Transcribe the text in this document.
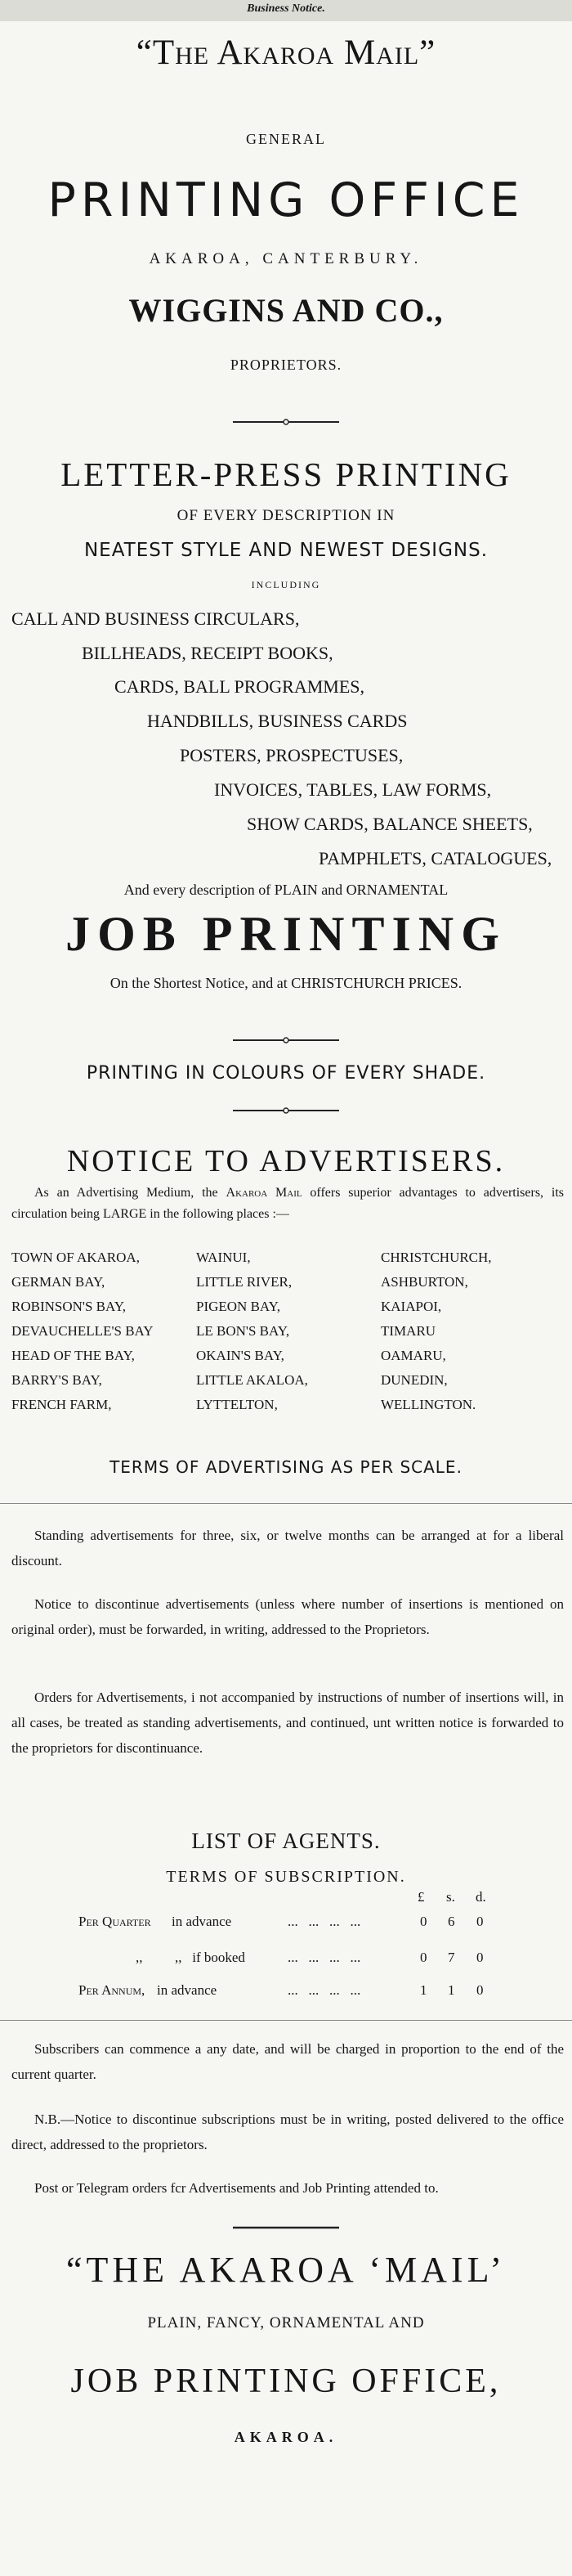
Business Notice.
“The Akaroa Mail”
GENERAL
PRINTING OFFICE
AKAROA, CANTERBURY.
WIGGINS AND CO.,
PROPRIETORS.
LETTER-PRESS PRINTING
OF EVERY DESCRIPTION IN
NEATEST STYLE AND NEWEST DESIGNS.
INCLUDING
CALL AND BUSINESS CIRCULARS,
BILLHEADS, RECEIPT BOOKS,
CARDS, BALL PROGRAMMES,
HANDBILLS, BUSINESS CARDS
POSTERS, PROSPECTUSES,
INVOICES, TABLES, LAW FORMS,
SHOW CARDS, BALANCE SHEETS,
PAMPHLETS, CATALOGUES,
And every description of PLAIN and ORNAMENTAL
JOB PRINTING
On the Shortest Notice, and at CHRISTCHURCH PRICES.
PRINTING IN COLOURS OF EVERY SHADE.
NOTICE TO ADVERTISERS.
As an Advertising Medium, the Akaroa Mail offers superior advantages to advertisers, its circulation being LARGE in the following places :—
TOWN OF AKAROA,	WAINUI,	CHRISTCHURCH,
GERMAN BAY,	LITTLE RIVER,	ASHBURTON,
ROBINSON'S BAY,	PIGEON BAY,	KAIAPOI,
DEVAUCHELLE'S BAY	LE BON'S BAY,	TIMARU
HEAD OF THE BAY,	OKAIN'S BAY,	OAMARU,
BARRY'S BAY,	LITTLE AKALOA,	DUNEDIN,
FRENCH FARM,	LYTTELTON,	WELLINGTON.
TERMS OF ADVERTISING AS PER SCALE.
Standing advertisements for three, six, or twelve months can be arranged at for a liberal discount.
Notice to discontinue advertisements (unless where number of insertions is mentioned on original order), must be forwarded, in writing, addressed to the Proprietors.
Orders for Advertisements, i not accompanied by instructions of number of insertions will, in all cases, be treated as standing advertisements, and continued, unt written notice is forwarded to the proprietors for discontinuance.
LIST OF AGENTS.
TERMS OF SUBSCRIPTION.
£ s. d.
Per Quarter in advance	...   ...   ...   ...	0 6 0
,, ,,   if booked	...   ...   ...   ...	0 7 0
Per Annum, in advance	...   ...   ...   ...	1 1 0
Subscribers can commence a any date, and will be charged in proportion to the end of the current quarter.
N.B.—Notice to discontinue subscriptions must be in writing, posted delivered to the office direct, addressed to the proprietors.
Post or Telegram orders fcr Advertisements and Job Printing attended to.
“THE AKAROA ‘MAIL’
PLAIN, FANCY, ORNAMENTAL AND
JOB PRINTING OFFICE,
AKAROA.
